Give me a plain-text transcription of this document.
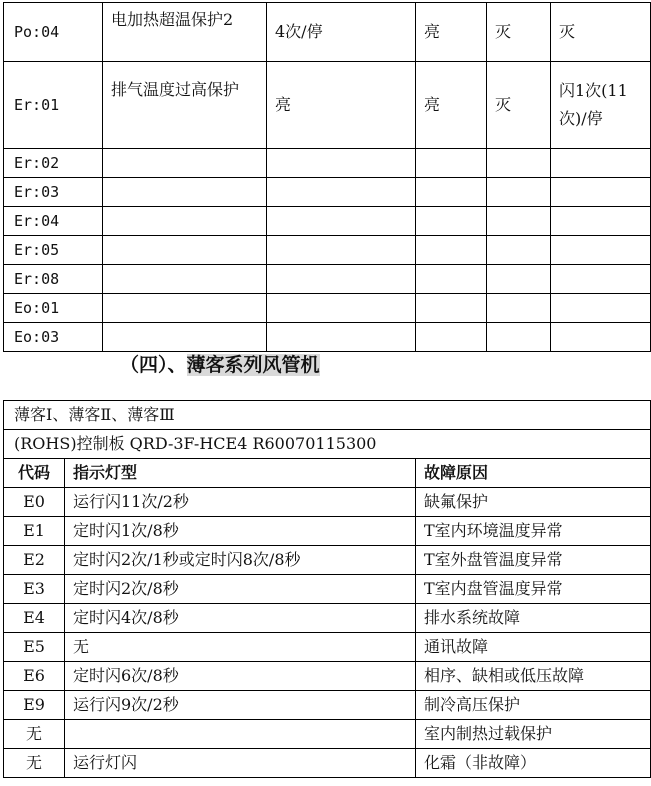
Po:04	电加热超温保护2	4次/停	亮	灭	灭
Er:01	排气温度过高保护	亮	亮	灭	闪1次(11次)/停
Er:02					
Er:03					
Er:04					
Er:05					
Er:08					
Eo:01					
Eo:03					
（四）、薄客系列风管机
薄客Ⅰ、薄客Ⅱ、薄客Ⅲ		
(ROHS)控制板 QRD-3F-HCE4 R60070115300		
代码	指示灯型	故障原因
E0	运行闪11次/2秒	缺氟保护
E1	定时闪1次/8秒	T室内环境温度异常
E2	定时闪2次/1秒或定时闪8次/8秒	T室外盘管温度异常
E3	定时闪2次/8秒	T室内盘管温度异常
E4	定时闪4次/8秒	排水系统故障
E5	无	通讯故障
E6	定时闪6次/8秒	相序、缺相或低压故障
E9	运行闪9次/2秒	制冷高压保护
无		室内制热过载保护
无	运行灯闪	化霜（非故障）
